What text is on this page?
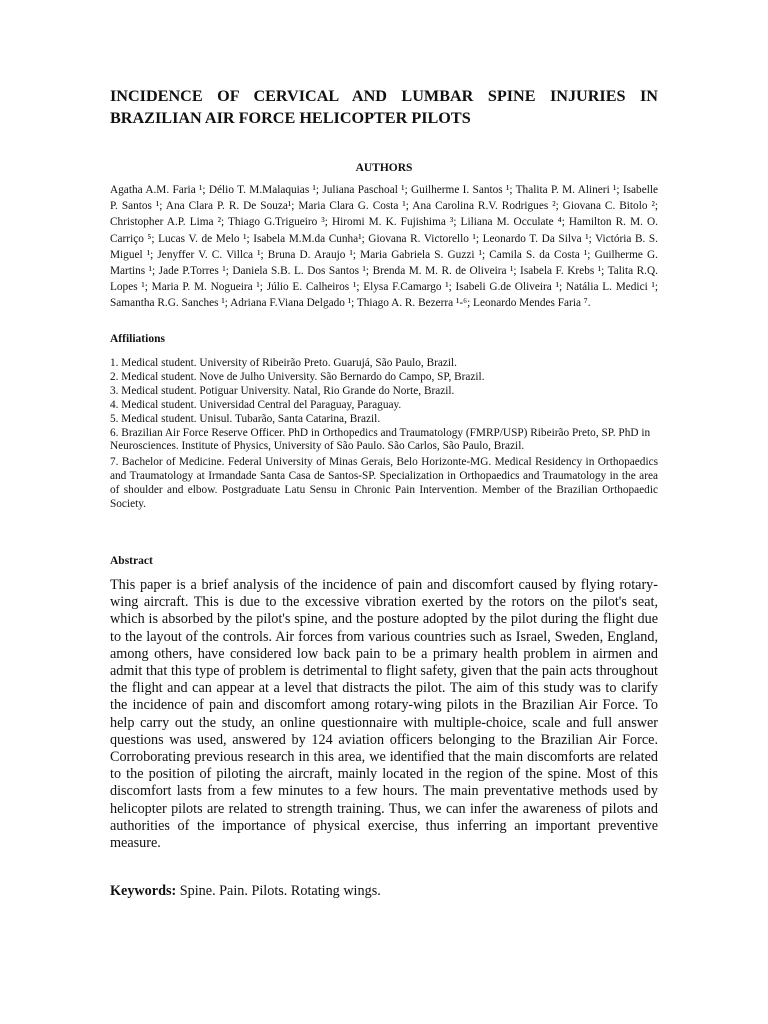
INCIDENCE OF CERVICAL AND LUMBAR SPINE INJURIES IN BRAZILIAN AIR FORCE HELICOPTER PILOTS
AUTHORS

Agatha A.M. Faria ¹; Délio T. M.Malaquias ¹; Juliana Paschoal ¹; Guilherme I. Santos ¹; Thalita P. M. Alineri ¹; Isabelle P. Santos ¹; Ana Clara P. R. De Souza¹; Maria Clara G. Costa ¹; Ana Carolina R.V. Rodrigues ²; Giovana C. Bitolo ²; Christopher A.P. Lima ²; Thiago G.Trigueiro ³; Hiromi M. K. Fujishima ³; Liliana M. Occulate ⁴; Hamilton R. M. O. Carriço ⁵; Lucas V. de Melo ¹; Isabela M.M.da Cunha¹; Giovana R. Victorello ¹; Leonardo T. Da Silva ¹; Victória B. S. Miguel ¹; Jenyffer V. C. Villca ¹; Bruna D. Araujo ¹; Maria Gabriela S. Guzzi ¹; Camila S. da Costa ¹; Guilherme G. Martins ¹; Jade P.Torres ¹; Daniela S.B. L. Dos Santos ¹; Brenda M. M. R. de Oliveira ¹; Isabela F. Krebs ¹; Talita R.Q. Lopes ¹; Maria P. M. Nogueira ¹; Júlio E. Calheiros ¹; Elysa F.Camargo ¹; Isabeli G.de Oliveira ¹; Natália L. Medici ¹; Samantha R.G. Sanches ¹; Adriana F.Viana Delgado ¹; Thiago A. R. Bezerra ¹-⁶; Leonardo Mendes Faria ⁷.

Affiliations
1. Medical student. University of Ribeirão Preto. Guarujá, São Paulo, Brazil.
2. Medical student. Nove de Julho University. São Bernardo do Campo, SP, Brazil.
3. Medical student. Potiguar University. Natal, Rio Grande do Norte, Brazil.
4. Medical student. Universidad Central del Paraguay, Paraguay.
5. Medical student. Unisul. Tubarão, Santa Catarina, Brazil.
6. Brazilian Air Force Reserve Officer. PhD in Orthopedics and Traumatology (FMRP/USP) Ribeirão Preto, SP. PhD in Neurosciences. Institute of Physics, University of São Paulo. São Carlos, São Paulo, Brazil.
7. Bachelor of Medicine. Federal University of Minas Gerais, Belo Horizonte-MG. Medical Residency in Orthopaedics and Traumatology at Irmandade Santa Casa de Santos-SP. Specialization in Orthopaedics and Traumatology in the area of shoulder and elbow. Postgraduate Latu Sensu in Chronic Pain Intervention. Member of the Brazilian Orthopaedic Society.
Abstract

This paper is a brief analysis of the incidence of pain and discomfort caused by flying rotary-wing aircraft. This is due to the excessive vibration exerted by the rotors on the pilot's seat, which is absorbed by the pilot's spine, and the posture adopted by the pilot during the flight due to the layout of the controls. Air forces from various countries such as Israel, Sweden, England, among others, have considered low back pain to be a primary health problem in airmen and admit that this type of problem is detrimental to flight safety, given that the pain acts throughout the flight and can appear at a level that distracts the pilot. The aim of this study was to clarify the incidence of pain and discomfort among rotary-wing pilots in the Brazilian Air Force. To help carry out the study, an online questionnaire with multiple-choice, scale and full answer questions was used, answered by 124 aviation officers belonging to the Brazilian Air Force. Corroborating previous research in this area, we identified that the main discomforts are related to the position of piloting the aircraft, mainly located in the region of the spine. Most of this discomfort lasts from a few minutes to a few hours. The main preventative methods used by helicopter pilots are related to strength training. Thus, we can infer the awareness of pilots and authorities of the importance of physical exercise, thus inferring an important preventive measure.

Keywords: Spine. Pain. Pilots. Rotating wings.
